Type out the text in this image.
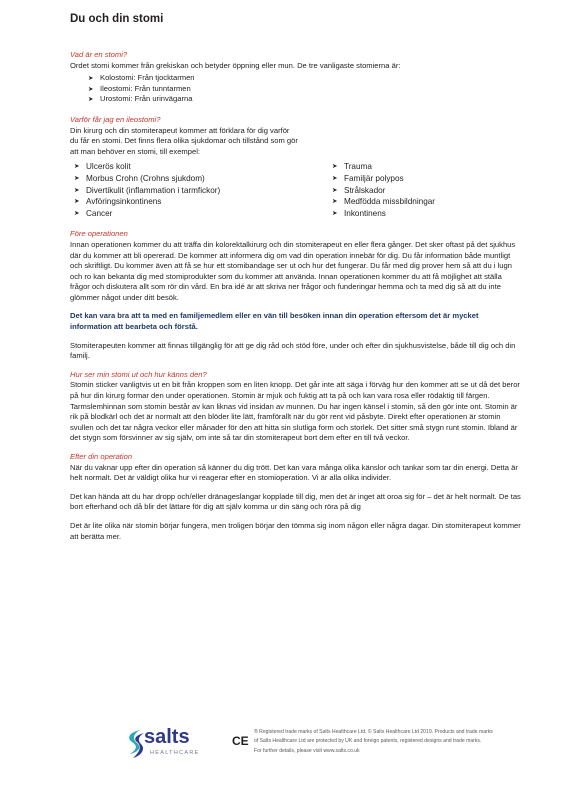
Du och din stomi

Vad är en stomi?

Ordet stomi kommer från grekiskan och betyder öppning eller mun. De tre vanligaste stomierna är:

➤ Kolostomi: Från tjocktarmen
➤ Ileostomi: Från tunntarmen
➤ Urostomi: Från urinvägarna

Varför får jag en ileostomi?

Din kirurg och din stomiterapeut kommer att förklara för dig varför

du får en stomi. Det finns flera olika sjukdomar och tillstånd som gör

att man behöver en stomi, till exempel:

➤ Ulcerös kolit
➤ Morbus Crohn (Crohns sjukdom)
➤ Divertikulit (inflammation i tarmfickor)
➤ Avföringsinkontinens
➤ Cancer
➤ Trauma
➤ Familjär polypos
➤ Strålskador
➤ Medfödda missbildningar
➤ Inkontinens

Före operationen

Innan operationen kommer du att träffa din kolorektalkirurg och din stomiterapeut en eller flera gånger. Det sker oftast på det sjukhus där du kommer att bli opererad. De kommer att informera dig om vad din operation innebär för dig. Du får information både muntligt och skriftligt. Du kommer även att få se hur ett stomibandage ser ut och hur det fungerar. Du får med dig prover hem så att du i lugn och ro kan bekanta dig med stomiprodukter som du kommer att använda. Innan operationen kommer du att få möjlighet att ställa frågor och diskutera allt som rör din vård. En bra idé är att skriva ner frågor och funderingar hemma och ta med dig så att du inte glömmer något under ditt besök.

Det kan vara bra att ta med en familjemedlem eller en vän till besöken innan din operation eftersom det är mycket information att bearbeta och förstå.

Stomiterapeuten kommer att finnas tillgänglig för att ge dig råd och stöd före, under och efter din sjukhusvistelse, både till dig och din familj.

Hur ser min stomi ut och hur känns den?

Stomin sticker vanligtvis ut en bit från kroppen som en liten knopp. Det går inte att säga i förväg hur den kommer att se ut då det beror på hur din kirurg formar den under operationen. Stomin är mjuk och fuktig att ta på och kan vara rosa eller rödaktig till färgen. Tarmslemhinnan som stomin består av kan liknas vid insidan av munnen. Du har ingen känsel i stomin, så den gör inte ont. Stomin är rik på blodkärl och det är normalt att den blöder lite lätt, framförallt när du gör rent vid påsbyte. Direkt efter operationen är stomin svullen och det tar några veckor eller månader för den att hitta sin slutliga form och storlek. Det sitter små stygn runt stomin. Ibland är det stygn som försvinner av sig själv, om inte så tar din stomiterapeut bort dem efter en till två veckor.

Efter din operation

När du vaknar upp efter din operation så känner du dig trött. Det kan vara många olika känslor och tankar som tar din energi. Detta är helt normalt. Det är väldigt olika hur vi reagerar efter en stomioperation. Vi är alla olika individer.

Det kan hända att du har dropp och/eller dränageslangar kopplade till dig, men det är inget att oroa sig för – det är helt normalt. De tas bort efterhand och då blir det lättare för dig att själv komma ur din säng och röra på dig

Det är lite olika när stomin börjar fungera, men troligen börjar den tömma sig inom någon eller några dagar. Din stomiterapeut kommer att berätta mer.

salts
HEALTHCARE
CE
® Registered trade marks of Salts Healthcare Ltd. © Salts Healthcare Ltd 2019. Products and trade marks
of Salts Healthcare Ltd are protected by UK and foreign patents, registered designs and trade marks.
For further details, please visit www.salts.co.uk
